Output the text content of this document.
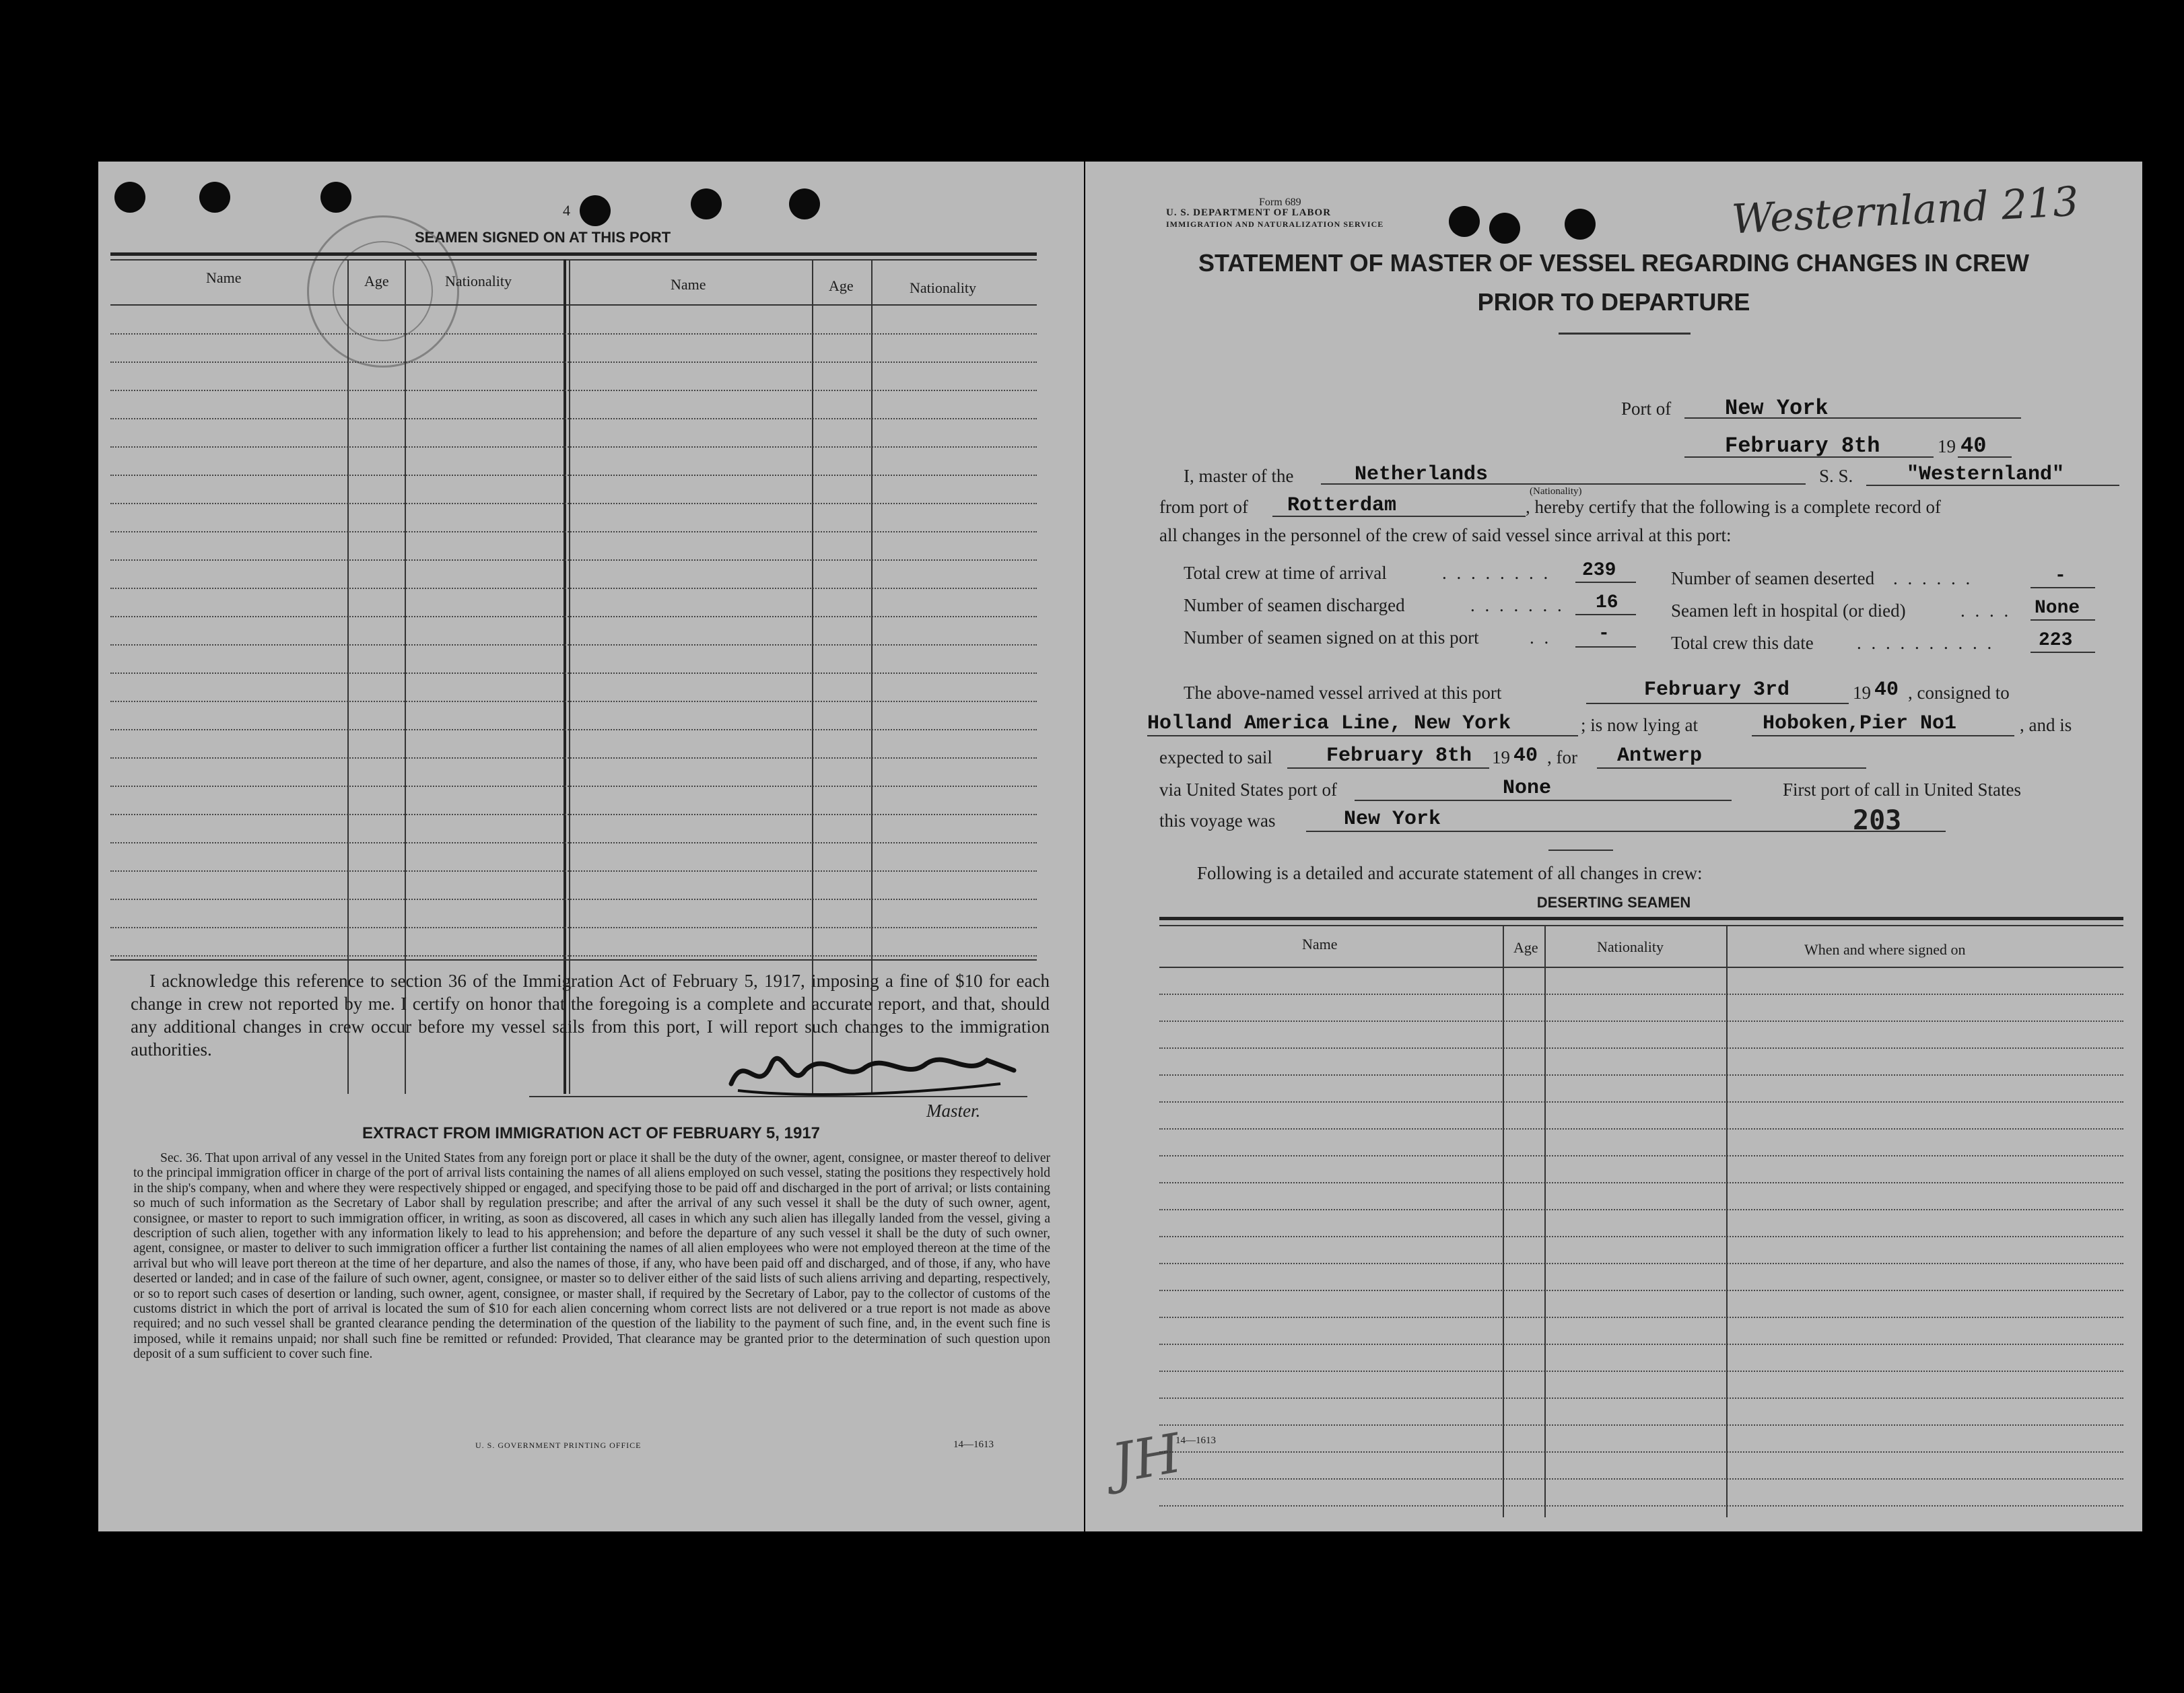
4
SEAMEN SIGNED ON AT THIS PORT
Name	Age	Nationality	Name	Age	Nationality
I acknowledge this reference to section 36 of the Immigration Act of February 5, 1917, imposing a fine of $10 for each change in crew not reported by me. I certify on honor that the foregoing is a complete and accurate report, and that, should any additional changes in crew occur before my vessel sails from this port, I will report such changes to the immigration authorities.
Master.
EXTRACT FROM IMMIGRATION ACT OF FEBRUARY 5, 1917
Sec. 36. That upon arrival of any vessel in the United States from any foreign port or place it shall be the duty of the owner, agent, consignee, or master thereof to deliver to the principal immigration officer in charge of the port of arrival lists containing the names of all aliens employed on such vessel, stating the positions they respectively hold in the ship's company, when and where they were respectively shipped or engaged, and specifying those to be paid off and discharged in the port of arrival; or lists containing so much of such information as the Secretary of Labor shall by regulation prescribe; and after the arrival of any such vessel it shall be the duty of such owner, agent, consignee, or master to report to such immigration officer, in writing, as soon as discovered, all cases in which any such alien has illegally landed from the vessel, giving a description of such alien, together with any information likely to lead to his apprehension; and before the departure of any such vessel it shall be the duty of such owner, agent, consignee, or master to deliver to such immigration officer a further list containing the names of all alien employees who were not employed thereon at the time of the arrival but who will leave port thereon at the time of her departure, and also the names of those, if any, who have been paid off and discharged, and of those, if any, who have deserted or landed; and in case of the failure of such owner, agent, consignee, or master so to deliver either of the said lists of such aliens arriving and departing, respectively, or so to report such cases of desertion or landing, such owner, agent, consignee, or master shall, if required by the Secretary of Labor, pay to the collector of customs of the customs district in which the port of arrival is located the sum of $10 for each alien concerning whom correct lists are not delivered or a true report is not made as above required; and no such vessel shall be granted clearance pending the determination of the question of the liability to the payment of such fine, and, in the event such fine is imposed, while it remains unpaid; nor shall such fine be remitted or refunded: Provided, That clearance may be granted prior to the determination of such question upon deposit of a sum sufficient to cover such fine.
U. S. GOVERNMENT PRINTING OFFICE	14—1613
Form 689
U. S. DEPARTMENT OF LABOR
IMMIGRATION AND NATURALIZATION SERVICE	Westernland 213
STATEMENT OF MASTER OF VESSEL REGARDING CHANGES IN CREW
PRIOR TO DEPARTURE
Port of New York
February 8th	19 40
I, master of the	Netherlands
(Nationality)
S. S.	"Westernland"
from port of Rotterdam	, hereby certify that the following is a complete record of
all changes in the personnel of the crew of said vessel since arrival at this port:
Total crew at time of arrival	. . . . . . . . 239
Number of seamen discharged	. . . . . . . 16
Number of seamen signed on at this port	. . -
Number of seamen deserted . . . . . .	-
Seamen left in hospital (or died)	. . . . None
Total crew this date . . . . . . . . . . 223
The above-named vessel arrived at this port	February 3rd	19 40 , consigned to
Holland America Line, New York	; is now lying at	Hoboken,Pier No1	, and is
expected to sail	February 8th 19 40 , for Antwerp
via United States port of	None	First port of call in United States
this voyage was	New York	203
Following is a detailed and accurate statement of all changes in crew:
DESERTING SEAMEN
Name	Age	Nationality	When and where signed on
14—1613
JH
